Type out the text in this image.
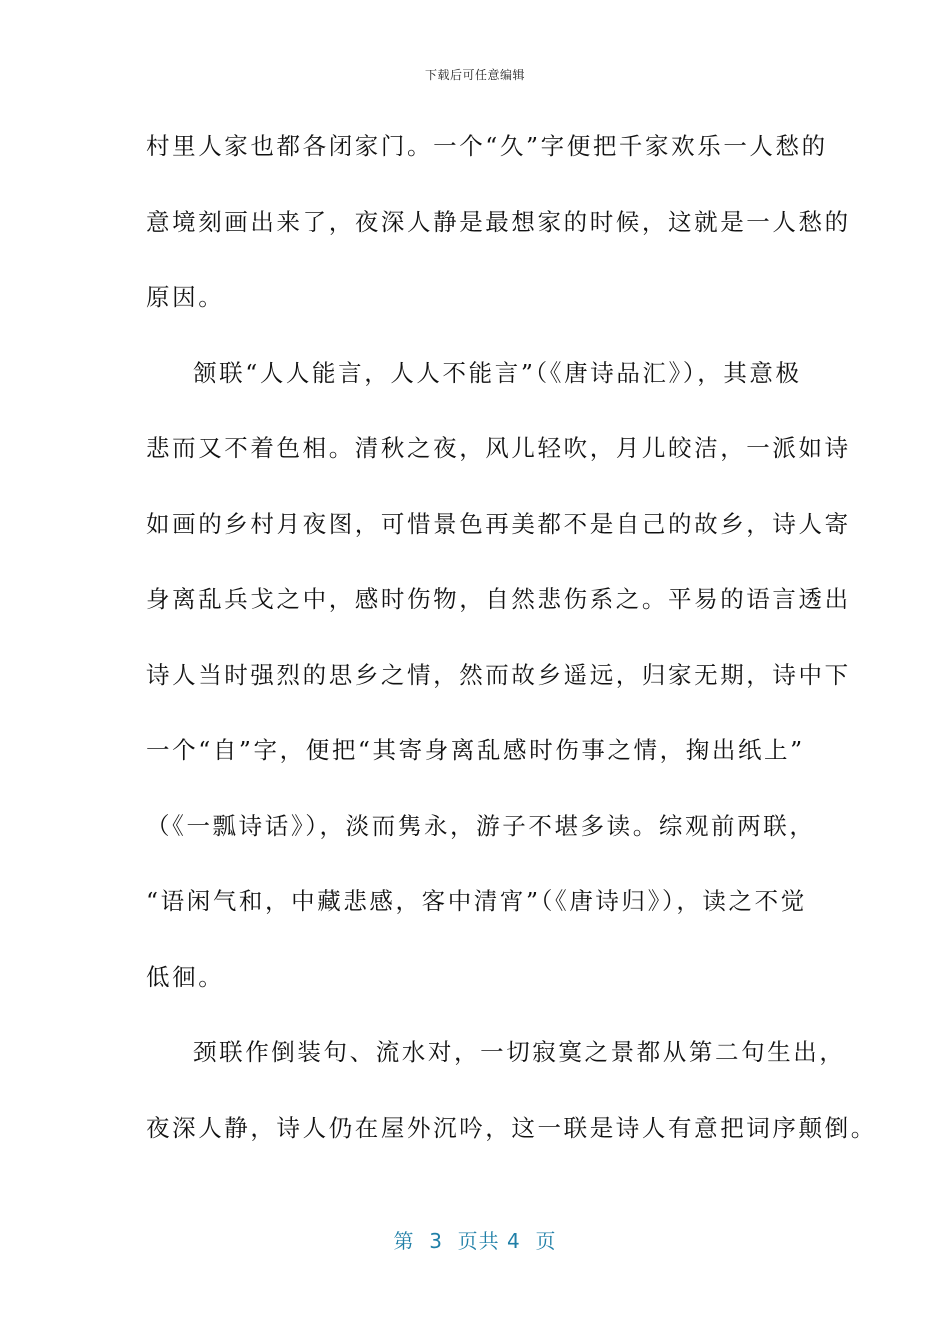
下载后可任意编辑
村里人家也都各闭家门。一个“久”字便把千家欢乐一人愁的
意境刻画出来了，夜深人静是最想家的时候，这就是一人愁的
原因。
颔联“人人能言，人人不能言”（《唐诗品汇》），其意极
悲而又不着色相。清秋之夜，风儿轻吹，月儿皎洁，一派如诗
如画的乡村月夜图，可惜景色再美都不是自己的故乡，诗人寄
身离乱兵戈之中，感时伤物，自然悲伤系之。平易的语言透出
诗人当时强烈的思乡之情，然而故乡遥远，归家无期，诗中下
一个“自”字，便把“其寄身离乱感时伤事之情，掬出纸上”
（《一瓢诗话》），淡而隽永，游子不堪多读。综观前两联，
“语闲气和，中藏悲感，客中清宵”（《唐诗归》），读之不觉
低徊。
颈联作倒装句、流水对，一切寂寞之景都从第二句生出，
夜深人静，诗人仍在屋外沉吟，这一联是诗人有意把词序颠倒。
第  3  页共 4  页
